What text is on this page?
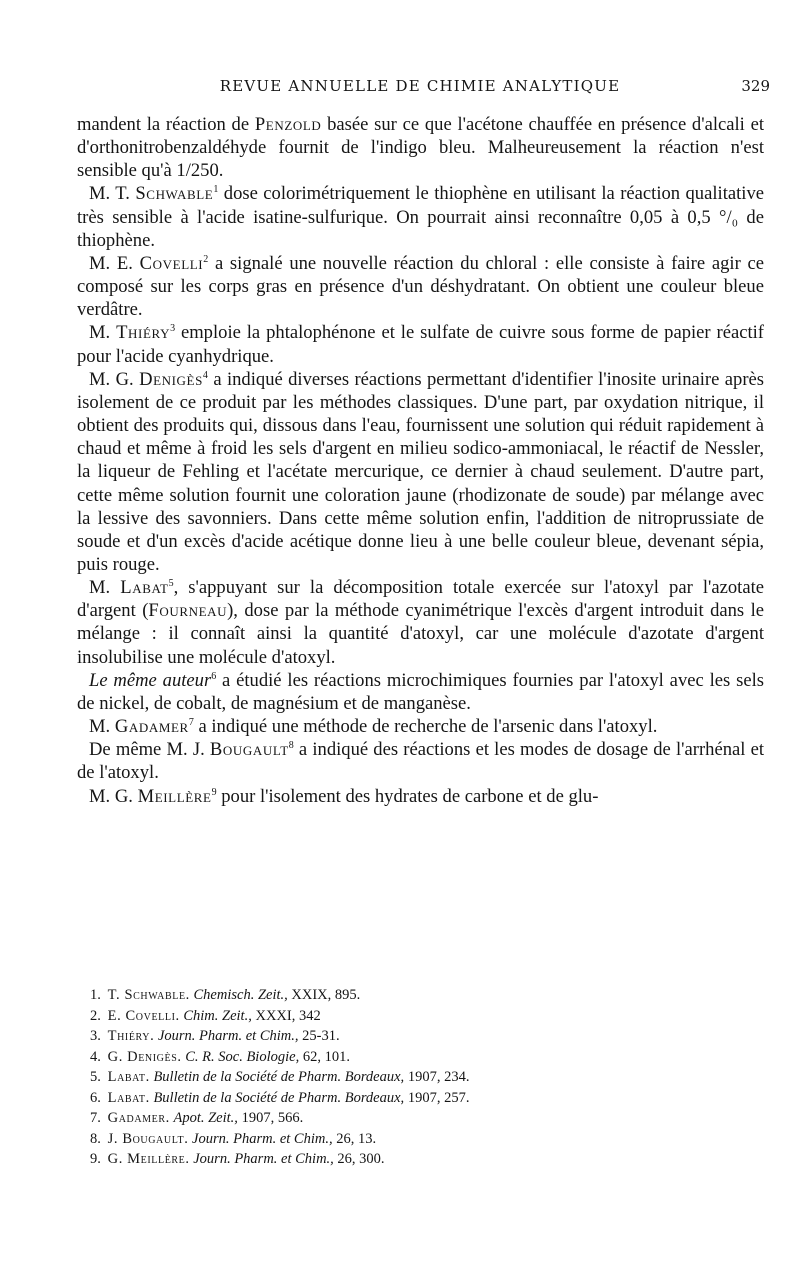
REVUE ANNUELLE DE CHIMIE ANALYTIQUE	329

mandent la réaction de Penzold basée sur ce que l'acétone chauffée en présence d'alcali et d'orthonitrobenzaldéhyde fournit de l'indigo bleu. Malheureusement la réaction n'est sensible qu'à 1/250.

M. T. Schwable$^1$ dose colorimétriquement le thiophène en utilisant la réaction qualitative très sensible à l'acide isatine-sulfurique. On pourrait ainsi reconnaître 0,05 à 0,5 °/₀ de thiophène.

M. E. Covelli$^2$ a signalé une nouvelle réaction du chloral : elle consiste à faire agir ce composé sur les corps gras en présence d'un déshydratant. On obtient une couleur bleue verdâtre.

M. Thiéry$^3$ emploie la phtalophénone et le sulfate de cuivre sous forme de papier réactif pour l'acide cyanhydrique.

M. G. Denigès$^4$ a indiqué diverses réactions permettant d'identifier l'inosite urinaire après isolement de ce produit par les méthodes classiques. D'une part, par oxydation nitrique, il obtient des produits qui, dissous dans l'eau, fournissent une solution qui réduit rapidement à chaud et même à froid les sels d'argent en milieu sodico-ammoniacal, le réactif de Nessler, la liqueur de Fehling et l'acétate mercurique, ce dernier à chaud seulement. D'autre part, cette même solution fournit une coloration jaune (rhodizonate de soude) par mélange avec la lessive des savonniers. Dans cette même solution enfin, l'addition de nitroprussiate de soude et d'un excès d'acide acétique donne lieu à une belle couleur bleue, devenant sépia, puis rouge.

M. Labat$^5$, s'appuyant sur la décomposition totale exercée sur l'atoxyl par l'azotate d'argent (Fourneau), dose par la méthode cyanimétrique l'excès d'argent introduit dans le mélange : il connaît ainsi la quantité d'atoxyl, car une molécule d'azotate d'argent insolubilise une molécule d'atoxyl.

Le même auteur$^6$ a étudié les réactions microchimiques fournies par l'atoxyl avec les sels de nickel, de cobalt, de magnésium et de manganèse.

M. Gadamer$^7$ a indiqué une méthode de recherche de l'arsenic dans l'atoxyl.

De même M. J. Bougault$^8$ a indiqué des réactions et les modes de dosage de l'arrhénal et de l'atoxyl.

M. G. Meillère$^9$ pour l'isolement des hydrates de carbone et de glu-

1. T. Schwable. Chemisch. Zeit., XXIX, 895.
2. E. Covelli. Chim. Zeit., XXXI, 342
3. Thiéry. Journ. Pharm. et Chim., 25-31.
4. G. Denigès. C. R. Soc. Biologie, 62, 101.
5. Labat. Bulletin de la Société de Pharm. Bordeaux, 1907, 234.
6. Labat. Bulletin de la Société de Pharm. Bordeaux, 1907, 257.
7. Gadamer. Apot. Zeit., 1907, 566.
8. J. Bougault. Journ. Pharm. et Chim., 26, 13.
9. G. Meillère. Journ. Pharm. et Chim., 26, 300.
